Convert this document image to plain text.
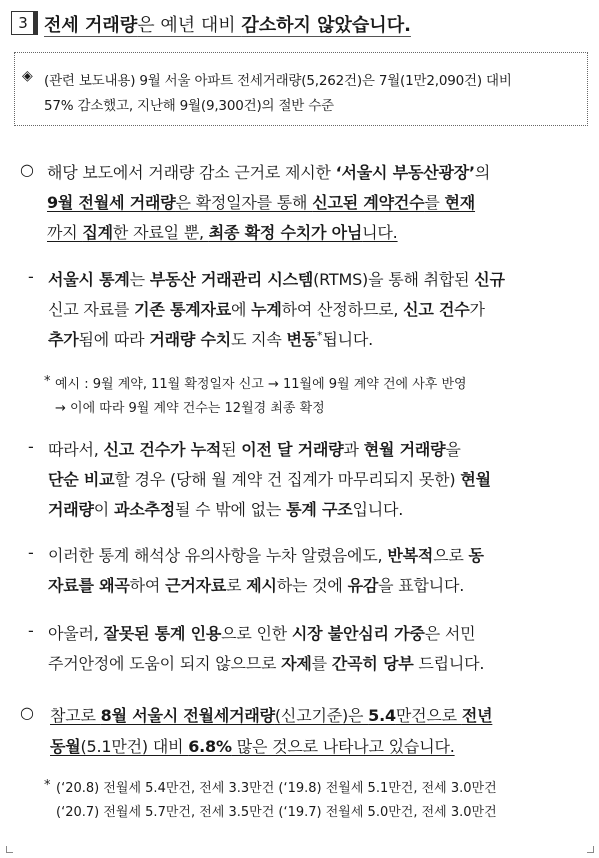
3 전세 거래량은 예년 대비 감소하지 않았습니다.
◈ (관련 보도내용) 9월 서울 아파트 전세거래량(5,262건)은 7월(1만2,090건) 대비
57% 감소했고, 지난해 9월(9,300건)의 절반 수준
○ 해당 보도에서 거래량 감소 근거로 제시한 ‘서울시 부동산광장’의
9월 전월세 거래량은 확정일자를 통해 신고된 계약건수를 현재
까지 집계한 자료일 뿐, 최종 확정 수치가 아님니다.
- 서울시 통계는 부동산 거래관리 시스템(RTMS)을 통해 취합된 신규
신고 자료를 기존 통계자료에 누계하여 산정하므로, 신고 건수가
추가됨에 따라 거래량 수치도 지속 변동*됩니다.
* 예시 : 9월 계약, 11월 확정일자 신고 → 11월에 9월 계약 건에 사후 반영
→ 이에 따라 9월 계약 건수는 12월경 최종 확정
- 따라서, 신고 건수가 누적된 이전 달 거래량과 현월 거래량을
단순 비교할 경우 (당해 월 계약 건 집계가 마무리되지 못한) 현월
거래량이 과소추정될 수 밖에 없는 통계 구조입니다.
- 이러한 통계 해석상 유의사항을 누차 알렸음에도, 반복적으로 동
자료를 왜곡하여 근거자료로 제시하는 것에 유감을 표합니다.
- 아울러, 잘못된 통계 인용으로 인한 시장 불안심리 가중은 서민
주거안정에 도움이 되지 않으므로 자제를 간곡히 당부 드립니다.
○ 참고로 8월 서울시 전월세거래량(신고기준)은 5.4만건으로 전년
동월(5.1만건) 대비 6.8% 많은 것으로 나타나고 있습니다.
* (‘20.8) 전월세 5.4만건, 전세 3.3만건 (‘19.8) 전월세 5.1만건, 전세 3.0만건
(‘20.7) 전월세 5.7만건, 전세 3.5만건 (‘19.7) 전월세 5.0만건, 전세 3.0만건
